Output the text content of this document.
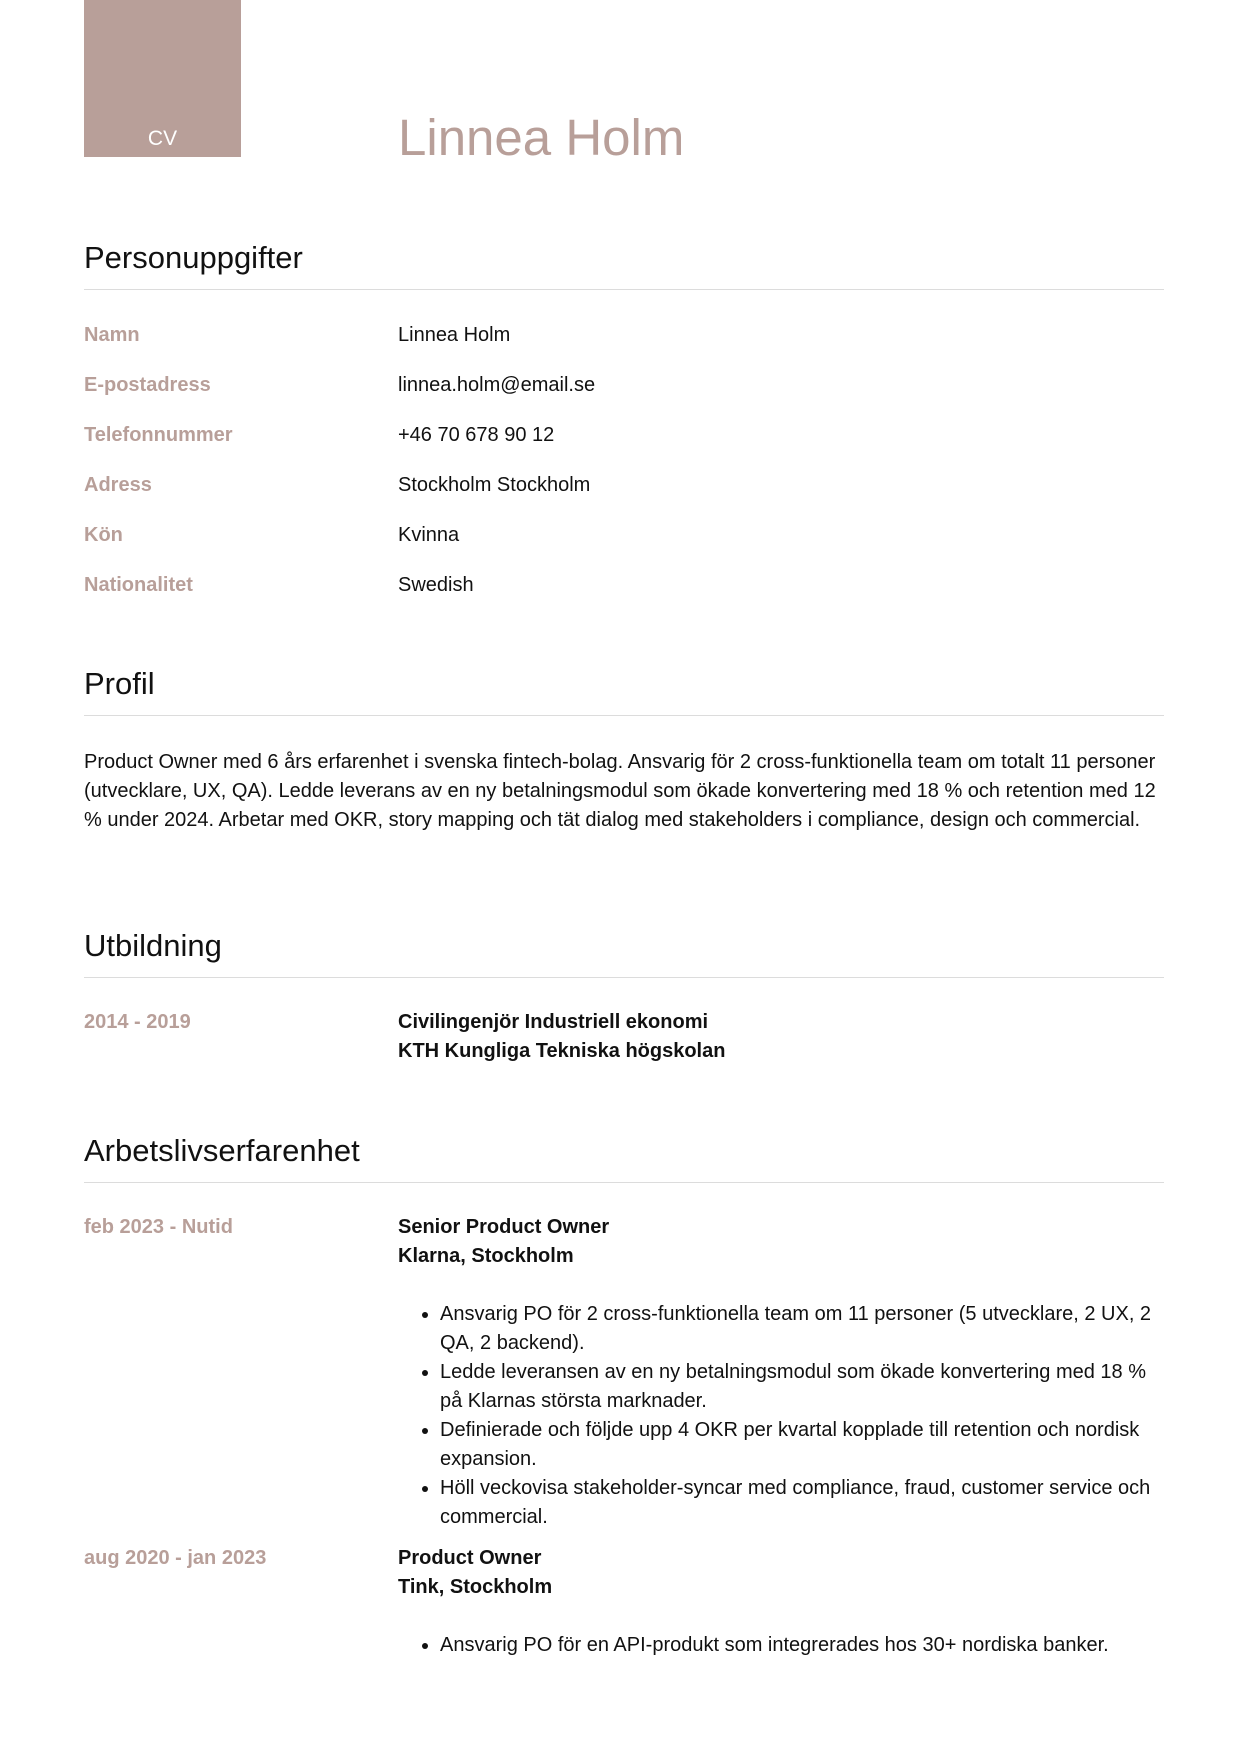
CV	Linnea Holm
Personuppgifter
Namn	Linnea Holm
E-postadress	linnea.holm@email.se
Telefonnummer	+46 70 678 90 12
Adress	Stockholm Stockholm
Kön	Kvinna
Nationalitet	Swedish
Profil
Product Owner med 6 års erfarenhet i svenska fintech-bolag. Ansvarig för 2 cross-funktionella team om totalt 11 personer (utvecklare, UX, QA). Ledde leverans av en ny betalningsmodul som ökade konvertering med 18 % och retention med 12 % under 2024. Arbetar med OKR, story mapping och tät dialog med stakeholders i compliance, design och commercial.
Utbildning
2014 - 2019	Civilingenjör Industriell ekonomi
KTH Kungliga Tekniska högskolan
Arbetslivserfarenhet
feb 2023 - Nutid	Senior Product Owner
Klarna, Stockholm
• Ansvarig PO för 2 cross-funktionella team om 11 personer (5 utvecklare, 2 UX, 2 QA, 2 backend).
• Ledde leveransen av en ny betalningsmodul som ökade konvertering med 18 % på Klarnas största marknader.
• Definierade och följde upp 4 OKR per kvartal kopplade till retention och nordisk expansion.
• Höll veckovisa stakeholder-syncar med compliance, fraud, customer service och commercial.
aug 2020 - jan 2023	Product Owner
Tink, Stockholm
• Ansvarig PO för en API-produkt som integrerades hos 30+ nordiska banker.
